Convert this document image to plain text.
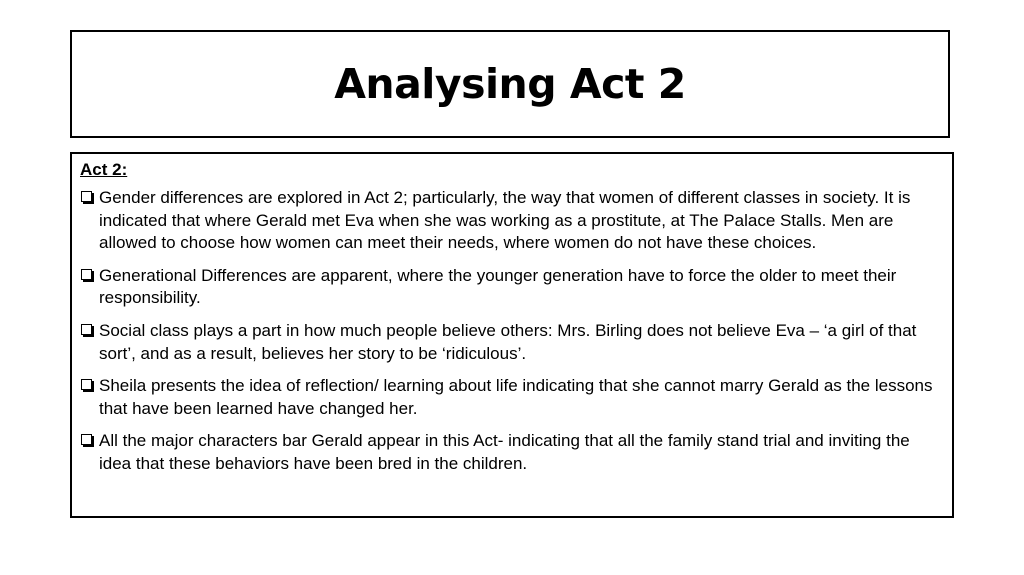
Analysing Act 2
Act 2:
Gender differences are explored in Act 2; particularly, the way that women of different classes in society. It is indicated that where Gerald met Eva when she was working as a prostitute, at The Palace Stalls. Men are allowed to choose how women can meet their needs, where women do not have these choices.
Generational Differences are apparent, where the younger generation have to force the older to meet their responsibility.
Social class plays a part in how much people believe others: Mrs. Birling does not believe Eva – ‘a girl of that sort’, and as a result, believes her story to be ‘ridiculous’.
Sheila presents the idea of reflection/ learning about life indicating that she cannot marry Gerald as the lessons that have been learned have changed her.
All the major characters bar Gerald appear in this Act- indicating that all the family stand trial and inviting the idea that these behaviors have been bred in the children.
